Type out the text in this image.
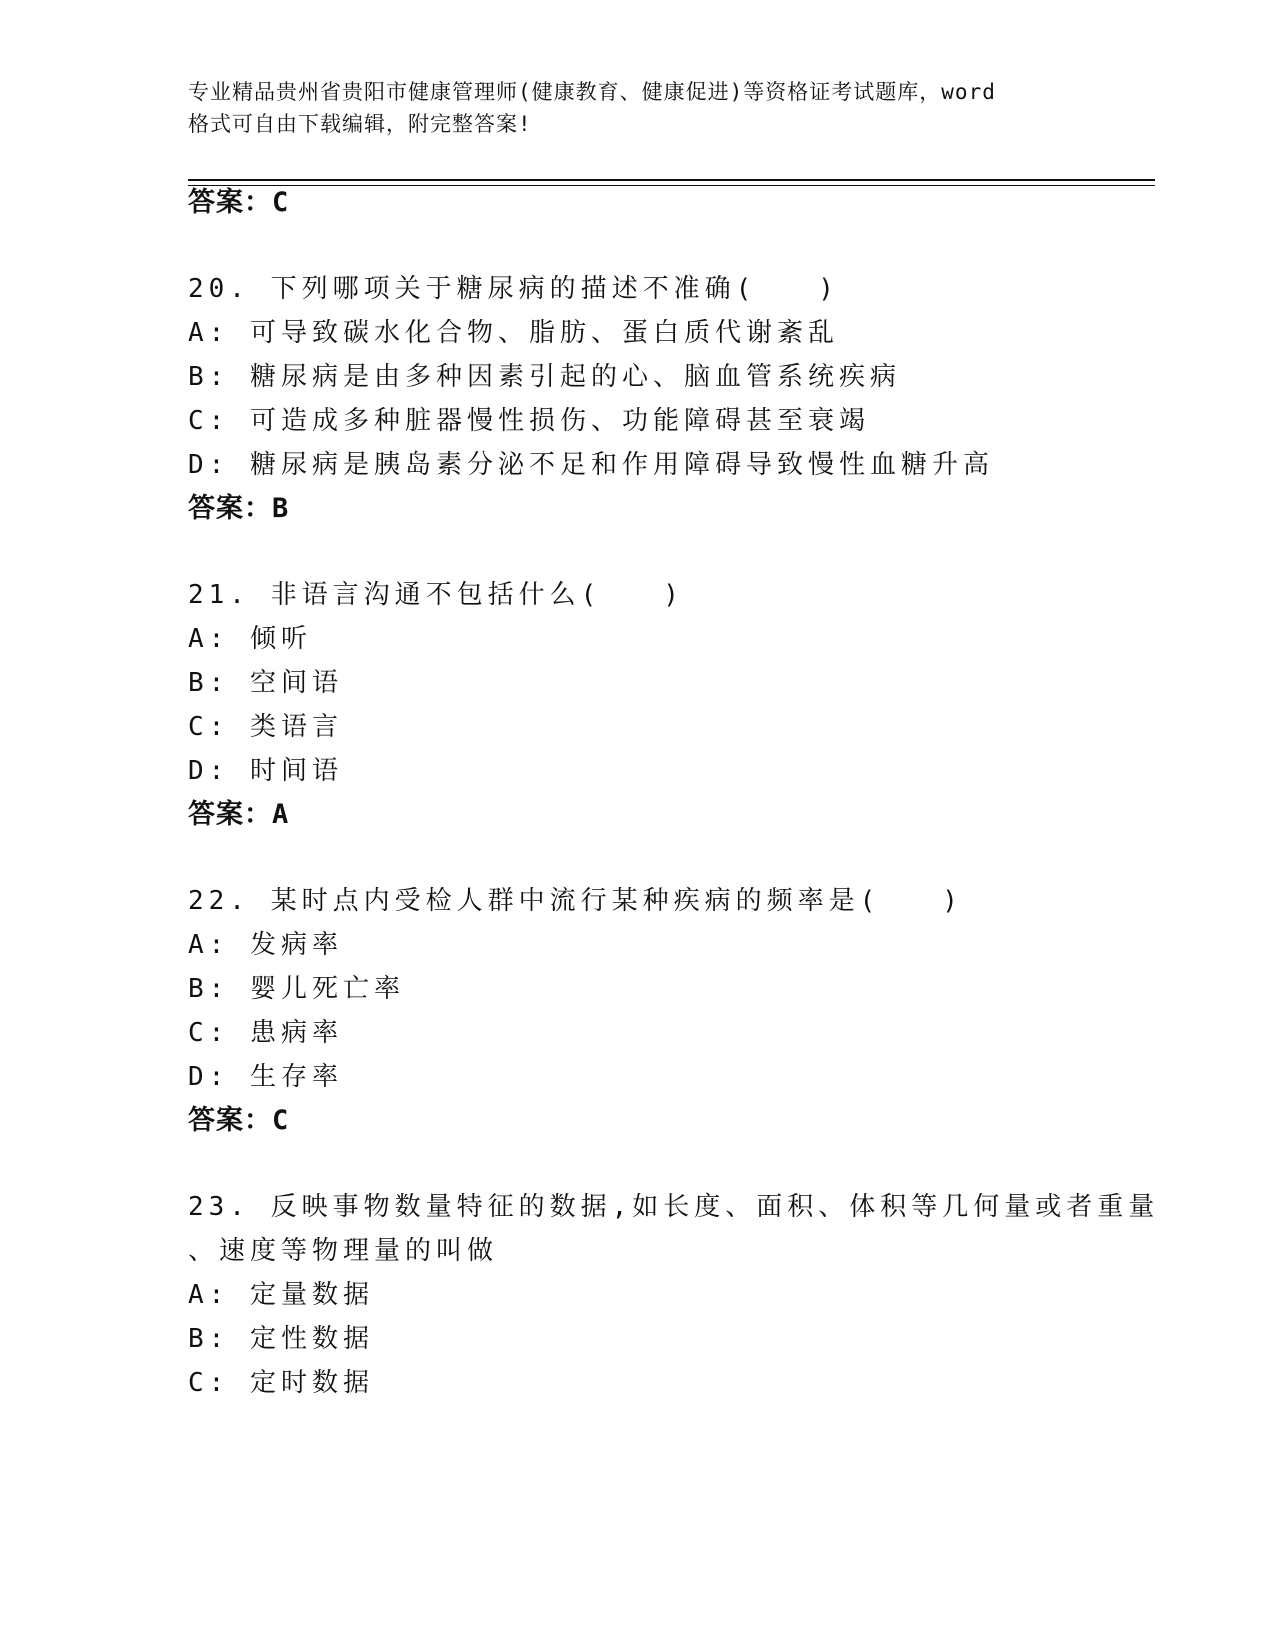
专业精品贵州省贵阳市健康管理师(健康教育、健康促进)等资格证考试题库，word
格式可自由下载编辑，附完整答案!
答案：C
20. 下列哪项关于糖尿病的描述不准确(　　)
A: 可导致碳水化合物、脂肪、蛋白质代谢紊乱
B: 糖尿病是由多种因素引起的心、脑血管系统疾病
C: 可造成多种脏器慢性损伤、功能障碍甚至衰竭
D: 糖尿病是胰岛素分泌不足和作用障碍导致慢性血糖升高
答案：B
21. 非语言沟通不包括什么(　　)
A: 倾听
B: 空间语
C: 类语言
D: 时间语
答案：A
22. 某时点内受检人群中流行某种疾病的频率是(　　)
A: 发病率
B: 婴儿死亡率
C: 患病率
D: 生存率
答案：C
23. 反映事物数量特征的数据,如长度、面积、体积等几何量或者重量
、速度等物理量的叫做
A: 定量数据
B: 定性数据
C: 定时数据
